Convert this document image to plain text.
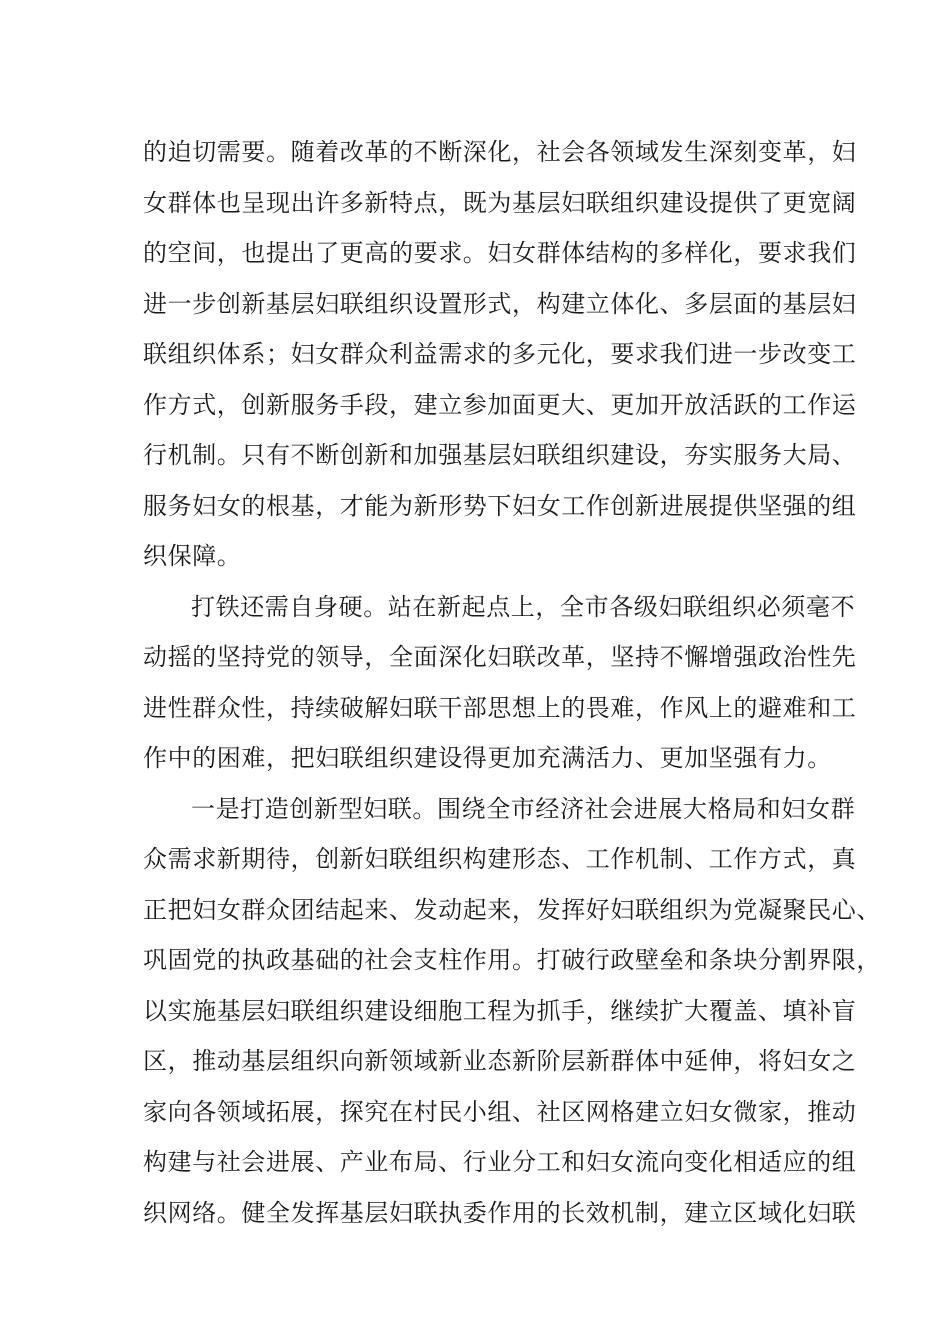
的迫切需要。随着改革的不断深化，社会各领域发生深刻变革，妇
女群体也呈现出许多新特点，既为基层妇联组织建设提供了更宽阔
的空间，也提出了更高的要求。妇女群体结构的多样化，要求我们
进一步创新基层妇联组织设置形式，构建立体化、多层面的基层妇
联组织体系；妇女群众利益需求的多元化，要求我们进一步改变工
作方式，创新服务手段，建立参加面更大、更加开放活跃的工作运
行机制。只有不断创新和加强基层妇联组织建设，夯实服务大局、
服务妇女的根基，才能为新形势下妇女工作创新进展提供坚强的组
织保障。
打铁还需自身硬。站在新起点上，全市各级妇联组织必须毫不
动摇的坚持党的领导，全面深化妇联改革，坚持不懈增强政治性先
进性群众性，持续破解妇联干部思想上的畏难，作风上的避难和工
作中的困难，把妇联组织建设得更加充满活力、更加坚强有力。
一是打造创新型妇联。围绕全市经济社会进展大格局和妇女群
众需求新期待，创新妇联组织构建形态、工作机制、工作方式，真
正把妇女群众团结起来、发动起来，发挥好妇联组织为党凝聚民心、
巩固党的执政基础的社会支柱作用。打破行政壁垒和条块分割界限，
以实施基层妇联组织建设细胞工程为抓手，继续扩大覆盖、填补盲
区，推动基层组织向新领域新业态新阶层新群体中延伸，将妇女之
家向各领域拓展，探究在村民小组、社区网格建立妇女微家，推动
构建与社会进展、产业布局、行业分工和妇女流向变化相适应的组
织网络。健全发挥基层妇联执委作用的长效机制，建立区域化妇联
